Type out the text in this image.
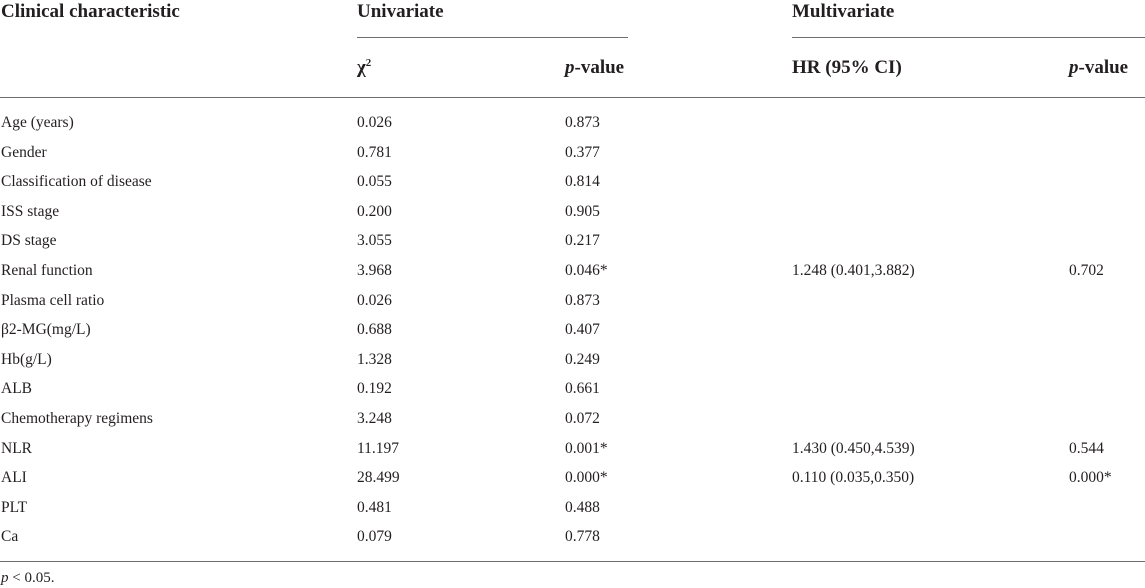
Clinical characteristic	Univariate	Multivariate
$\chi^2$	p-value	HR (95% CI)	p-value
Age (years)	0.026	0.873
Gender	0.781	0.377
Classification of disease	0.055	0.814
ISS stage	0.200	0.905
DS stage	3.055	0.217
Renal function	3.968	0.046*	1.248 (0.401,3.882)	0.702
Plasma cell ratio	0.026	0.873
β2-MG(mg/L)	0.688	0.407
Hb(g/L)	1.328	0.249
ALB	0.192	0.661
Chemotherapy regimens	3.248	0.072
NLR	11.197	0.001*	1.430 (0.450,4.539)	0.544
ALI	28.499	0.000*	0.110 (0.035,0.350)	0.000*
PLT	0.481	0.488
Ca	0.079	0.778
p < 0.05.
